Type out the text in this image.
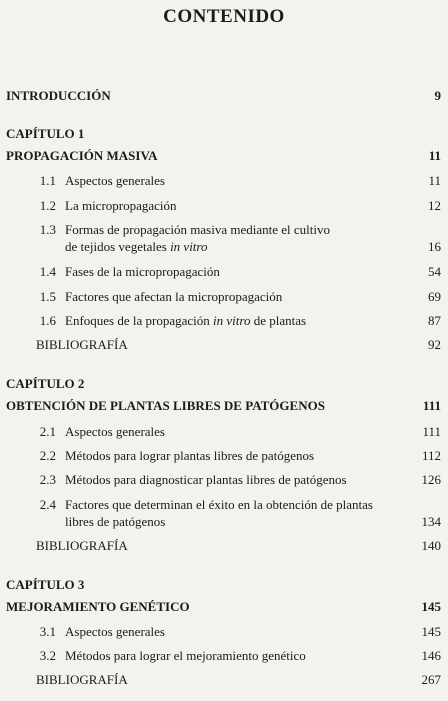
CONTENIDO
INTRODUCCIÓN	9
CAPÍTULO 1
PROPAGACIÓN MASIVA	11
1.1 Aspectos generales	11
1.2 La micropropagación	12
1.3 Formas de propagación masiva mediante el cultivo
de tejidos vegetales in vitro	16
1.4 Fases de la micropropagación	54
1.5 Factores que afectan la micropropagación	69
1.6 Enfoques de la propagación in vitro de plantas	87
BIBLIOGRAFÍA	92
CAPÍTULO 2
OBTENCIÓN DE PLANTAS LIBRES DE PATÓGENOS	111
2.1 Aspectos generales	111
2.2 Métodos para lograr plantas libres de patógenos	112
2.3 Métodos para diagnosticar plantas libres de patógenos	126
2.4 Factores que determinan el éxito en la obtención de plantas
libres de patógenos	134
BIBLIOGRAFÍA	140
CAPÍTULO 3
MEJORAMIENTO GENÉTICO	145
3.1 Aspectos generales	145
3.2 Métodos para lograr el mejoramiento genético	146
BIBLIOGRAFÍA	267
